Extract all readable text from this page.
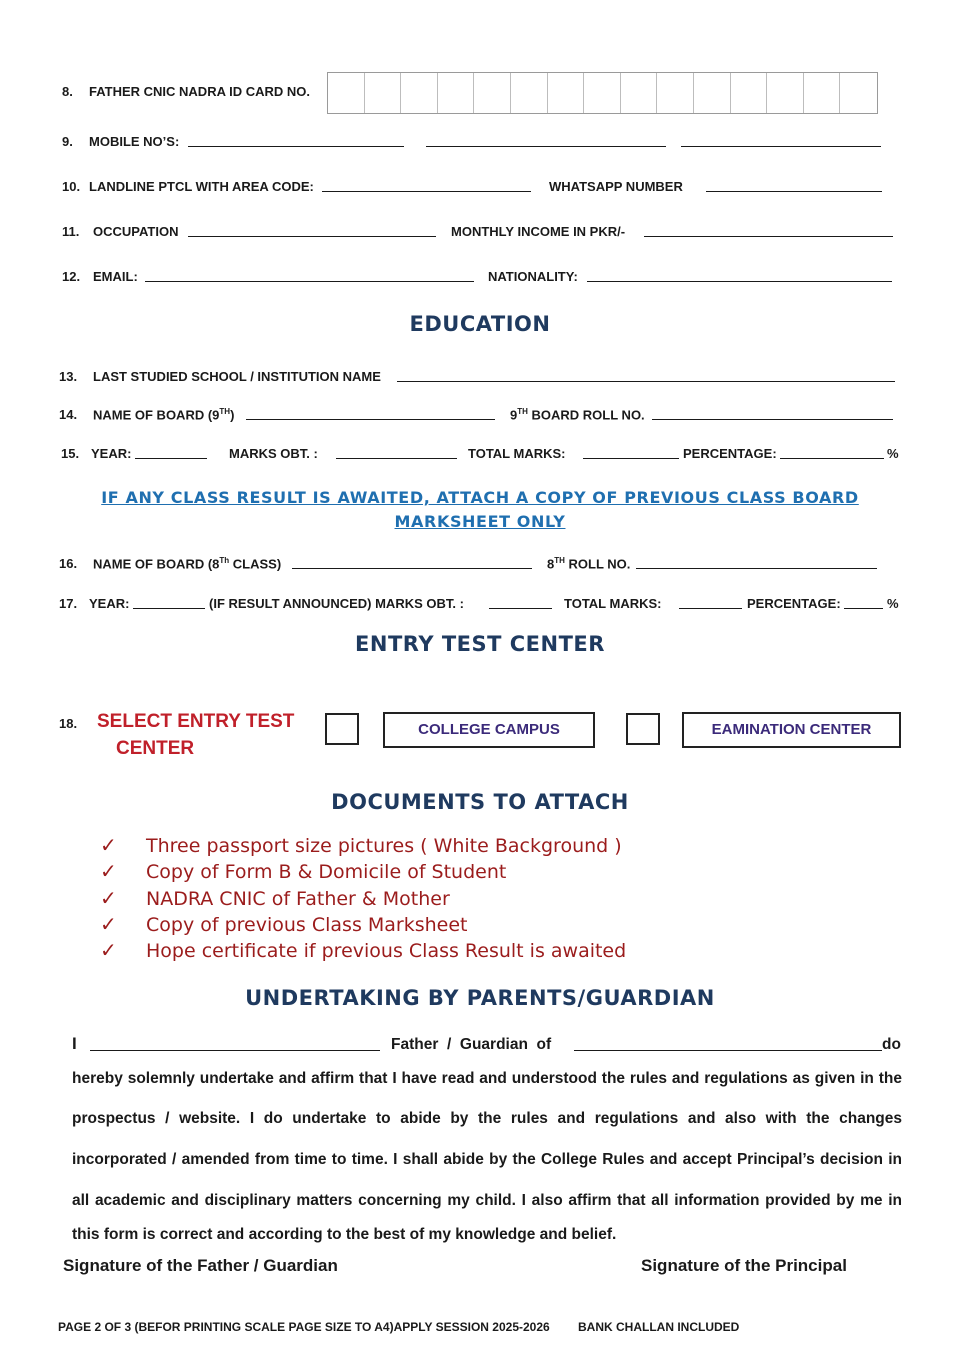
8. FATHER CNIC NADRA ID CARD NO.
9. MOBILE NO’S:
10. LANDLINE PTCL WITH AREA CODE:	WHATSAPP NUMBER
11. OCCUPATION	MONTHLY INCOME IN PKR/-
12. EMAIL:	NATIONALITY:
EDUCATION
13. LAST STUDIED SCHOOL / INSTITUTION NAME
14. NAME OF BOARD (9TH)	9TH BOARD ROLL NO.
15. YEAR:	MARKS OBT. :	TOTAL MARKS:	PERCENTAGE:	%
IF ANY CLASS RESULT IS AWAITED, ATTACH A COPY OF PREVIOUS CLASS BOARD
MARKSHEET ONLY
16. NAME OF BOARD (8Th CLASS)	8TH ROLL NO.
17. YEAR:	(IF RESULT ANNOUNCED) MARKS OBT. :	TOTAL MARKS:	PERCENTAGE:	%
ENTRY TEST CENTER
18. SELECT ENTRY TEST
CENTER
COLLEGE CAMPUS	EAMINATION CENTER
DOCUMENTS TO ATTACH
✓ Three passport size pictures ( White Background )
✓ Copy of Form B & Domicile of Student
✓ NADRA CNIC of Father & Mother
✓ Copy of previous Class Marksheet
✓ Hope certificate if previous Class Result is awaited
UNDERTAKING BY PARENTS/GUARDIAN
I	Father  /  Guardian  of	do
hereby solemnly undertake and affirm that I have read and understood the rules and regulations as given in the
prospectus / website. I do undertake to abide by the rules and regulations and also with the changes
incorporated / amended from time to time. I shall abide by the College Rules and accept Principal’s decision in
all academic and disciplinary matters concerning my child. I also affirm that all information provided by me in
this form is correct and according to the best of my knowledge and belief.
Signature of the Father / Guardian	Signature of the Principal
PAGE 2 OF 3 (BEFOR PRINTING SCALE PAGE SIZE TO A4)APPLY SESSION 2025-2026 BANK CHALLAN INCLUDED
